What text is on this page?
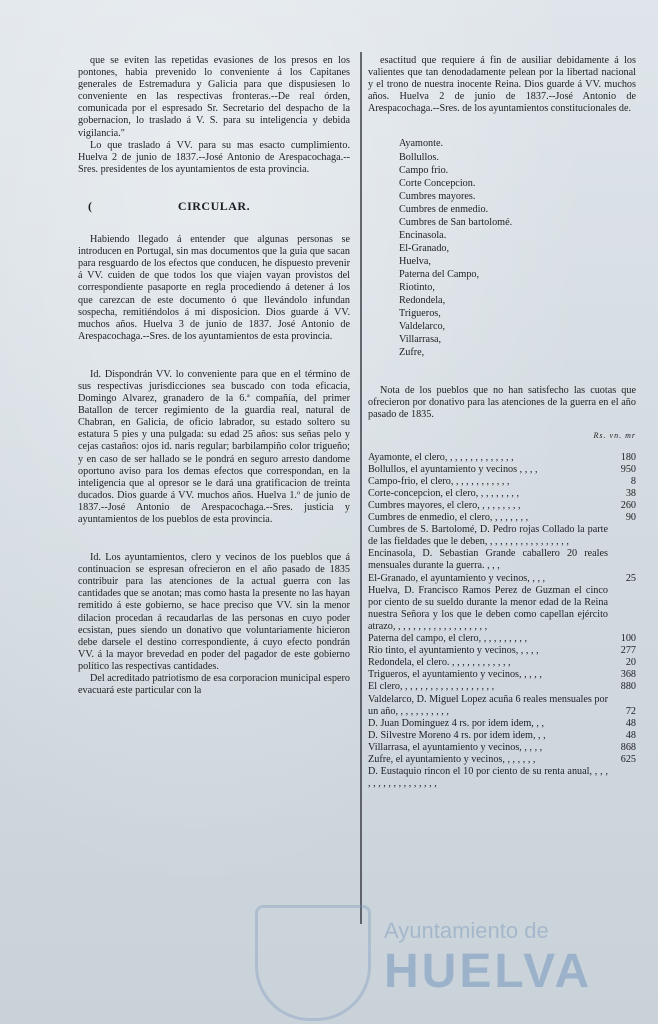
que se eviten las repetidas evasiones de los presos en los pontones, habia prevenido lo conveniente á los Capitanes generales de Estremadura y Galicia para que dispusiesen lo conveniente en las respectivas fronteras.--De real órden, comunicada por el espresado Sr. Secretario del despacho de la gobernacion, lo traslado á V. S. para su inteligencia y debida vigilancia."

Lo que traslado á VV. para su mas esacto cumplimiento. Huelva 2 de junio de 1837.--José Antonio de Arespacochaga.--Sres. presidentes de los ayuntamientos de esta provincia.

(	CIRCULAR.

Habiendo llegado á entender que algunas personas se introducen en Portugal, sin mas documentos que la guia que sacan para resguardo de los efectos que conducen, he dispuesto prevenir á VV. cuiden de que todos los que viajen vayan provistos del correspondiente pasaporte en regla procediendo á detener á los que carezcan de este documento ó que llevándolo infundan sospecha, remitiéndolos á mi disposicion. Dios guarde á VV. muchos años. Huelva 3 de junio de 1837. José Antonio de Arespacochaga.--Sres. de los ayuntamientos de esta provincia.

Id. Dispondrán VV. lo conveniente para que en el término de sus respectivas jurisdicciones sea buscado con toda eficacia, Domingo Alvarez, granadero de la 6.ª compañía, del primer Batallon de tercer regimiento de la guardia real, natural de Chabran, en Galicia, de oficio labrador, su estado soltero su estatura 5 pies y una pulgada: su edad 25 años: sus señas pelo y cejas castaños: ojos id. naris regular; barbilampiño color trigueño; y en caso de ser hallado se le pondrá en seguro arresto dandome oportuno aviso para los demas efectos que correspondan, en la inteligencia que al opresor se le dará una gratificacion de treinta ducados. Dios guarde á VV. muchos años. Huelva 1.º de junio de 1837.--José Antonio de Arespacochaga.--Sres. justicia y ayuntamientos de los pueblos de esta provincia.

Id. Los ayuntamientos, clero y vecinos de los pueblos que á continuacion se espresan ofrecieron en el año pasado de 1835 contribuir para las atenciones de la actual guerra con las cantidades que se anotan; mas como hasta la presente no las hayan remitido á este gobierno, se hace preciso que VV. sin la menor dilacion procedan á recaudarlas de las personas en cuyo poder ecsistan, pues siendo un donativo que voluntariamente hicieron debe darsele el destino correspondiente, á cuyo efecto pondrán VV. á la mayor brevedad en poder del pagador de este gobierno político las respectivas cantidades.

Del acreditado patriotismo de esa corporacion municipal espero evacuará este particular con la

esactitud que requiere á fin de ausiliar debidamente á los valientes que tan denodadamente pelean por la libertad nacional y el trono de nuestra inocente Reina. Dios guarde á VV. muchos años. Huelva 2 de junio de 1837.--José Antonio de Arespacochaga.--Sres. de los ayuntamientos constitucionales de.

Ayamonte.
Bollullos.
Campo frio.
Corte Concepcion.
Cumbres mayores.
Cumbres de enmedio.
Cumbres de San bartolomé.
Encinasola.
El-Granado,
Huelva,
Paterna del Campo,
Riotinto,
Redondela,
Trigueros,
Valdelarco,
Villarrasa,
Zufre,

Nota de los pueblos que no han satisfecho las cuotas que ofrecieron por donativo para las atenciones de la guerra en el año pasado de 1835.

Rs. vn. mr
Ayamonte, el clero, , , , , , , , , , , , , ,	180
Bollullos, el ayuntamiento y vecinos , , , ,	950
Campo-frio, el clero, , , , , , , , , , , ,	8
Corte-concepcion, el clero, , , , , , , , ,	38
Cumbres mayores, el clero, , , , , , , , ,	260
Cumbres de enmedio, el clero, , , , , , , ,	90
Cumbres de S. Bartolomé, D. Pedro rojas Collado la parte de las fieldades que le deben, , , , , , , , , , , , , , , , ,
Encinasola, D. Sebastian Grande caballero 20 reales mensuales durante la guerra. , , ,
El-Granado, el ayuntamiento y vecinos, , , ,	25
Huelva, D. Francisco Ramos Perez de Guzman el cinco por ciento de su sueldo durante la menor edad de la Reina nuestra Señora y los que le deben como capellan ejército atrazo, , , , , , , , , , , , , , , , , , ,
Paterna del campo, el clero, , , , , , , , , ,	100
Rio tinto, el ayuntamiento y vecinos, , , , ,	277
Redondela, el clero. , , , , , , , , , , , ,	20
Trigueros, el ayuntamiento y vecinos, , , , ,	368
El clero, , , , , , , , , , , , , , , , , , ,	880
Valdelarco, D. Miguel Lopez acuña 6 reales mensuales por un año, , , , , , , , , , ,	72
D. Juan Dominguez 4 rs. por idem idem, , ,	48
D. Silvestre Moreno 4 rs. por idem idem, , ,	48
Villarrasa, el ayuntamiento y vecinos, , , , ,	868
Zufre, el ayuntamiento y vecinos, , , , , , ,	625
D. Eustaquio rincon el 10 por ciento de su renta anual, , , , , , , , , , , , , , , , , ,
Ayuntamiento de
HUELVA
